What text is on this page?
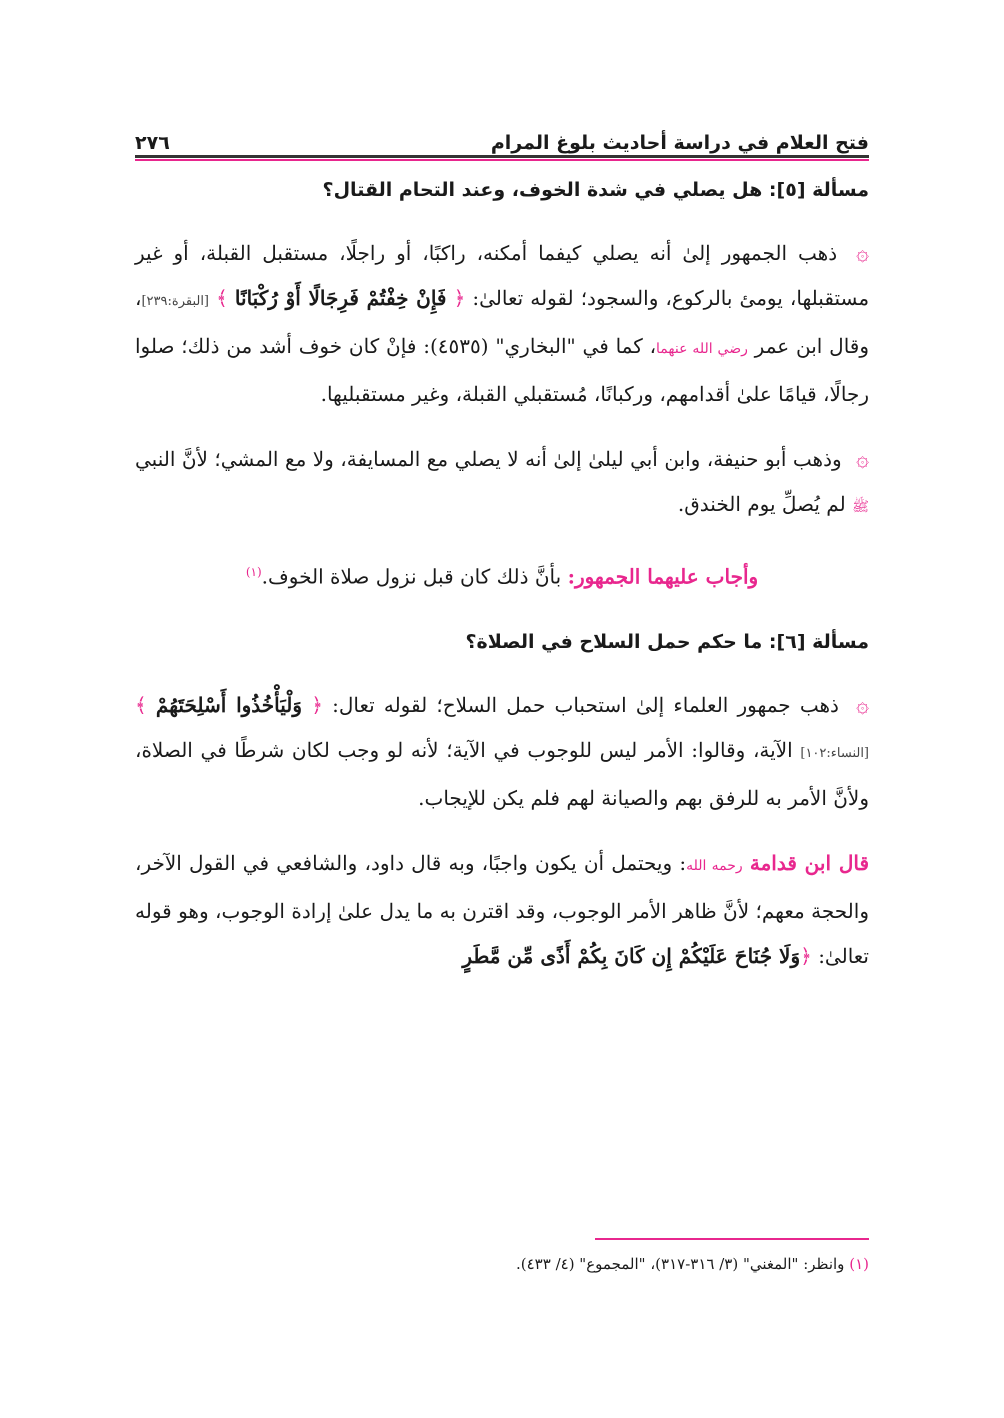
فتح العلام في دراسة أحاديث بلوغ المرام
٢٧٦
مسألة [٥]: هل يصلي في شدة الخوف، وعند التحام القتال؟

۞ ذهب الجمهور إلىٰ أنه يصلي كيفما أمكنه، راكبًا، أو راجلًا، مستقبل القبلة، أو غير مستقبلها، يومئ بالركوع، والسجود؛ لقوله تعالىٰ: ﴿ فَإِنْ خِفْتُمْ فَرِجَالًا أَوْ رُكْبَانًا ﴾ [البقرة:٢٣٩]، وقال ابن عمر رضي الله عنهما، كما في "البخاري" (٤٥٣٥): فإنْ كان خوف أشد من ذلك؛ صلوا رجالًا، قيامًا علىٰ أقدامهم، وركبانًا، مُستقبلي القبلة، وغير مستقبليها.

۞ وذهب أبو حنيفة، وابن أبي ليلىٰ إلىٰ أنه لا يصلي مع المسايفة، ولا مع المشي؛ لأنَّ النبي ﷺ لم يُصلِّ يوم الخندق.

وأجاب عليهما الجمهور: بأنَّ ذلك كان قبل نزول صلاة الخوف.$^{(١)}$

مسألة [٦]: ما حكم حمل السلاح في الصلاة؟

۞ ذهب جمهور العلماء إلىٰ استحباب حمل السلاح؛ لقوله تعال: ﴿ وَلْيَأْخُذُوا أَسْلِحَتَهُمْ ﴾ [النساء:١٠٢] الآية، وقالوا: الأمر ليس للوجوب في الآية؛ لأنه لو وجب لكان شرطًا في الصلاة، ولأنَّ الأمر به للرفق بهم والصيانة لهم فلم يكن للإيجاب.

قال ابن قدامة رحمه الله: ويحتمل أن يكون واجبًا، وبه قال داود، والشافعي في القول الآخر، والحجة معهم؛ لأنَّ ظاهر الأمر الوجوب، وقد اقترن به ما يدل علىٰ إرادة الوجوب، وهو قوله تعالىٰ: ﴿وَلَا جُنَاحَ عَلَيْكُمْ إِن كَانَ بِكُمْ أَذًى مِّن مَّطَرٍ

(١) وانظر: "المغني" (٣/ ٣١٦-٣١٧)، "المجموع" (٤/ ٤٣٣).
